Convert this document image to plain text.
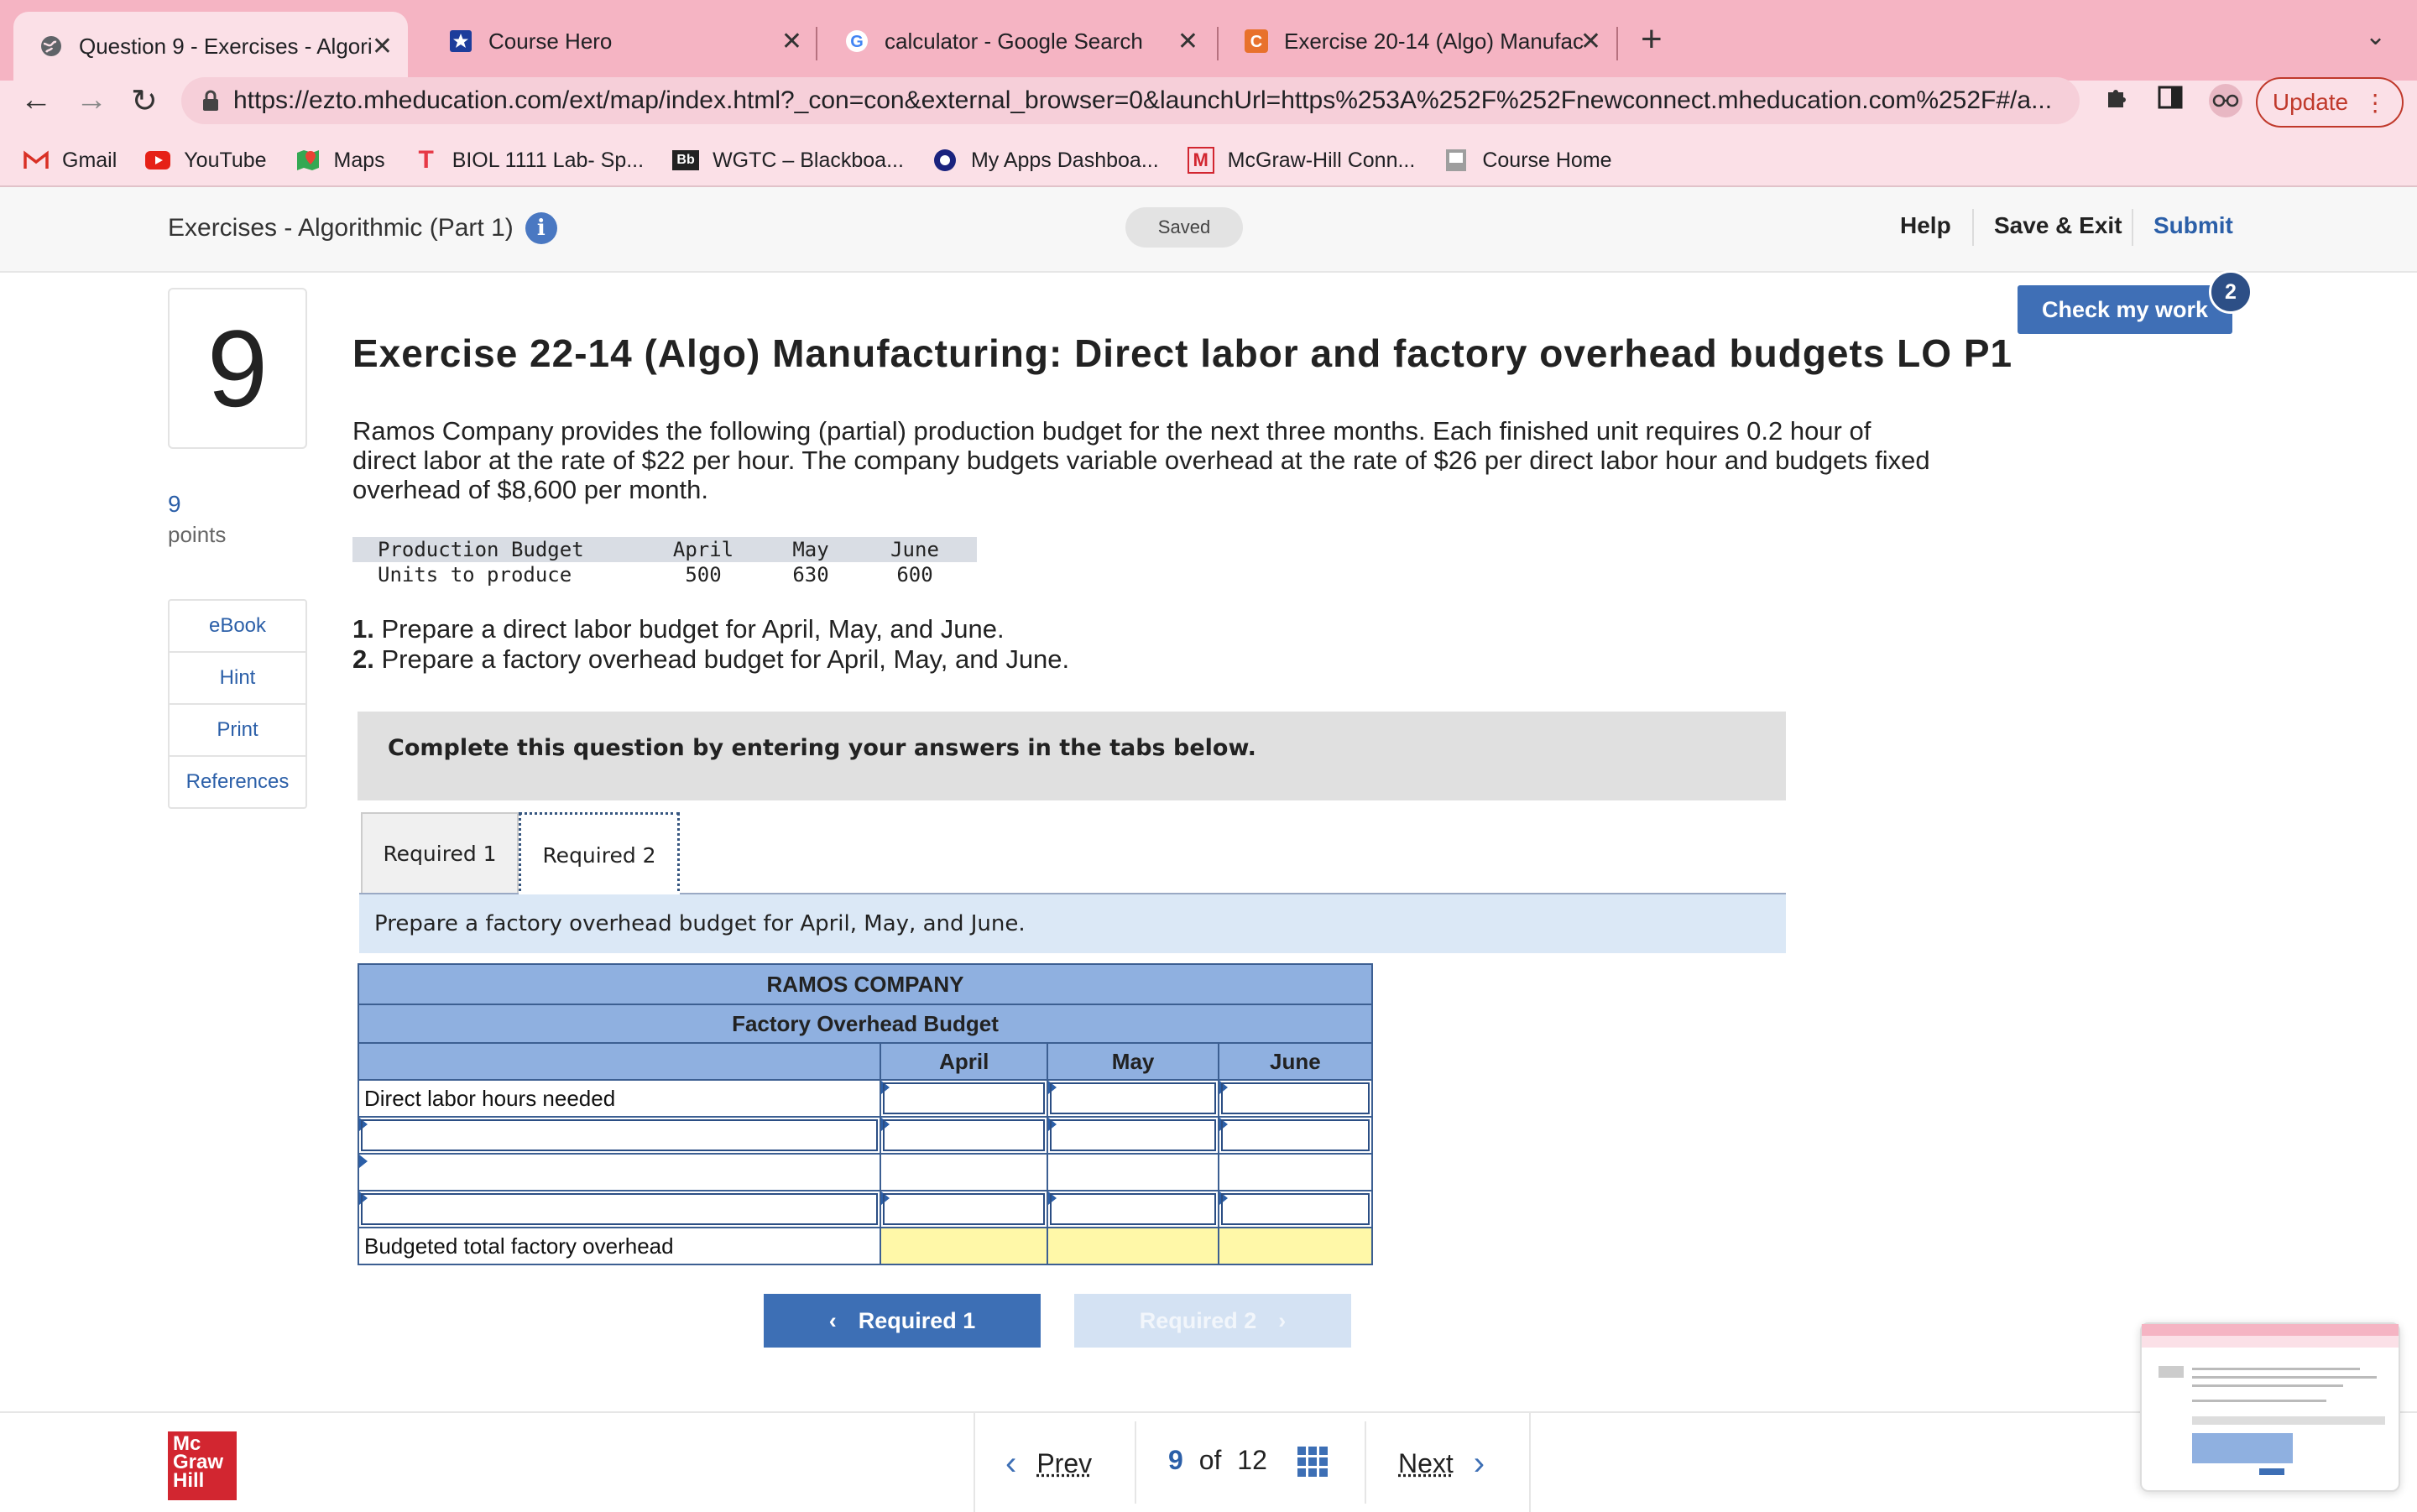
Question 9 - Exercises - Algori ✕	Course Hero	✕	G calculator - Google Search	✕	C Exercise 20-14 (Algo) Manufac
✕ +	⌄
← → ↻	https://ezto.mheducation.com/ext/map/index.html?_con=con&external_browser=0&launchUrl=https%253A%252F%252Fnewconnect.mheducation.com%252F#/a...	Update ⋮
Gmail	YouTube	Maps T BIOL 1111 Lab- Sp...	Bb WGTC – Blackboa...	My Apps Dashboa...	M McGraw-Hill Conn...	Course Home
Exercises - Algorithmic (Part 1)	i	Saved	Help Save & Exit Submit
9
9
points
eBook
Hint
Print
References
Exercise 22-14 (Algo) Manufacturing: Direct labor and factory overhead budgets LO P1
Ramos Company provides the following (partial) production budget for the next three months. Each finished unit requires 0.2 hour of direct labor at the rate of $22 per hour. The company budgets variable overhead at the rate of $26 per direct labor hour and budgets fixed overhead of $8,600 per month.
Production Budget	April	May	June
Units to produce	500	630	600
1. Prepare a direct labor budget for April, May, and June.
2. Prepare a factory overhead budget for April, May, and June.
Complete this question by entering your answers in the tabs below.
Required 1	Required 2
Prepare a factory overhead budget for April, May, and June.
RAMOS COMPANY			
Factory Overhead Budget			
	April	May	June
Direct labor hours needed	

Budgeted total factory overhead			
‹ Required 1	Required 2 ›
Check my work
2
Mc
Graw
Hill	‹ Prev	9 of 12	Next ›
